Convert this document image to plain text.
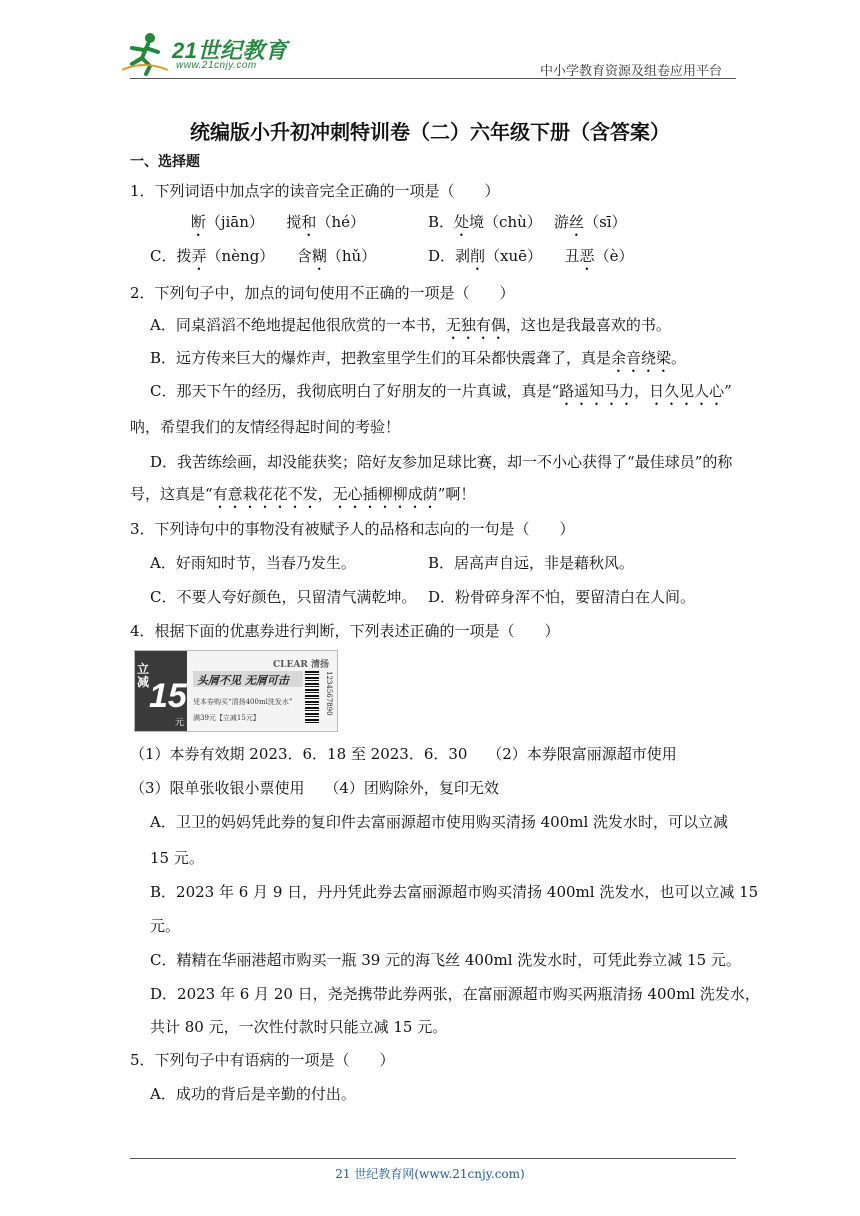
21世纪教育
www.21cnjy.com	中小学教育资源及组卷应用平台
统编版小升初冲刺特训卷（二）六年级下册（含答案）
一、选择题
1．下列词语中加点字的读音完全正确的一项是（　　）
断（jiān）　　搅和（hé）	B．处境（chù）　 游丝（sī）
C．拨弄（nèng）　　含糊（hǔ）	D．剥削（xuē）　　丑恶（è）
2．下列句子中，加点的词句使用不正确的一项是（　　）
A．同桌滔滔不绝地提起他很欣赏的一本书，无独有偶，这也是我最喜欢的书。
B．远方传来巨大的爆炸声，把教室里学生们的耳朵都快震聋了，真是余音绕梁。
C．那天下午的经历，我彻底明白了好朋友的一片真诚，真是“路遥知马力，日久见人心”
呐，希望我们的友情经得起时间的考验！
D．我苦练绘画，却没能获奖；陪好友参加足球比赛，却一不小心获得了“最佳球员”的称
号，这真是“有意栽花花不发，无心插柳柳成荫”啊！
3．下列诗句中的事物没有被赋予人的品格和志向的一句是（　　）
A．好雨知时节，当春乃发生。	B．居高声自远，非是藉秋风。
C．不要人夸好颜色，只留清气满乾坤。 D．粉骨碎身浑不怕，要留清白在人间。
4．根据下面的优惠券进行判断，下列表述正确的一项是（　　）
立减 15
元
CLEAR 清扬
头屑不见 无屑可击
凭本券购买“清扬400ml洗发水”
满39元【立减15元】
1234567890
（1）本券有效期 2023．6．18 至 2023．6．30　 （2）本券限富丽源超市使用
（3）限单张收银小票使用　 （4）团购除外，复印无效
A．卫卫的妈妈凭此券的复印件去富丽源超市使用购买清扬 400ml 洗发水时，可以立减
15 元。
B．2023 年 6 月 9 日，丹丹凭此券去富丽源超市购买清扬 400ml 洗发水，也可以立减 15
元。
C．精精在华丽港超市购买一瓶 39 元的海飞丝 400ml 洗发水时，可凭此券立减 15 元。
D．2023 年 6 月 20 日，尧尧携带此券两张，在富丽源超市购买两瓶清扬 400ml 洗发水，
共计 80 元，一次性付款时只能立减 15 元。
5．下列句子中有语病的一项是（　　）
A．成功的背后是辛勤的付出。
21 世纪教育网(www.21cnjy.com)
